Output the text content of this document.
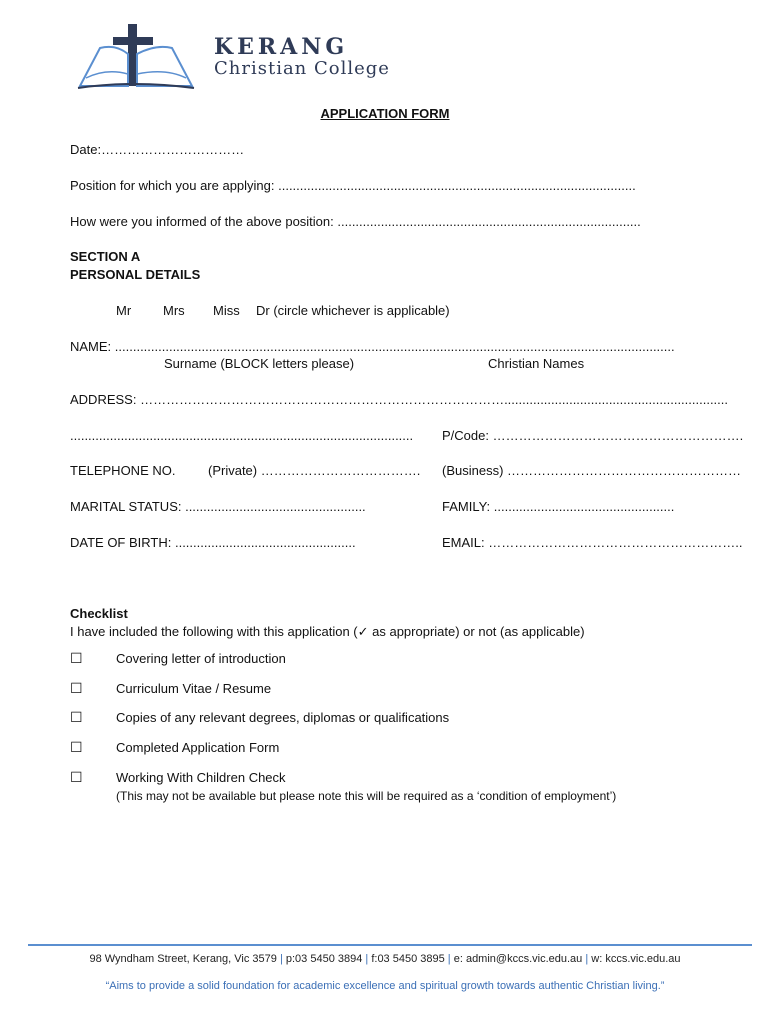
KERANG
Christian College
APPLICATION FORM
Date:……………………………
Position for which you are applying: ...................................................................................................
How were you informed of the above position: ....................................................................................
SECTION A
PERSONAL DETAILS
Mr Mrs Miss Dr (circle whichever is applicable)
NAME: ...........................................................................................................................................................
Surname (BLOCK letters please)	Christian Names
ADDRESS: …………………………………………………………………………..............................................................
............................................................................................... P/Code: ………………………………………………….
TELEPHONE NO.	(Private) ………………………………. (Business) ………………………………………………
MARITAL STATUS: ..................................................	FAMILY: ..................................................
DATE OF BIRTH: ..................................................	EMAIL: …………………………………………………..
Checklist
I have included the following with this application (✓ as appropriate) or not (as applicable)
☐	Covering letter of introduction
☐	Curriculum Vitae / Resume
☐	Copies of any relevant degrees, diplomas or qualifications
☐	Completed Application Form
☐	Working With Children Check
(This may not be available but please note this will be required as a ‘condition of employment’)
98 Wyndham Street, Kerang, Vic 3579 | p:03 5450 3894 | f:03 5450 3895 | e: admin@kccs.vic.edu.au | w: kccs.vic.edu.au
“Aims to provide a solid foundation for academic excellence and spiritual growth towards authentic Christian living.”
